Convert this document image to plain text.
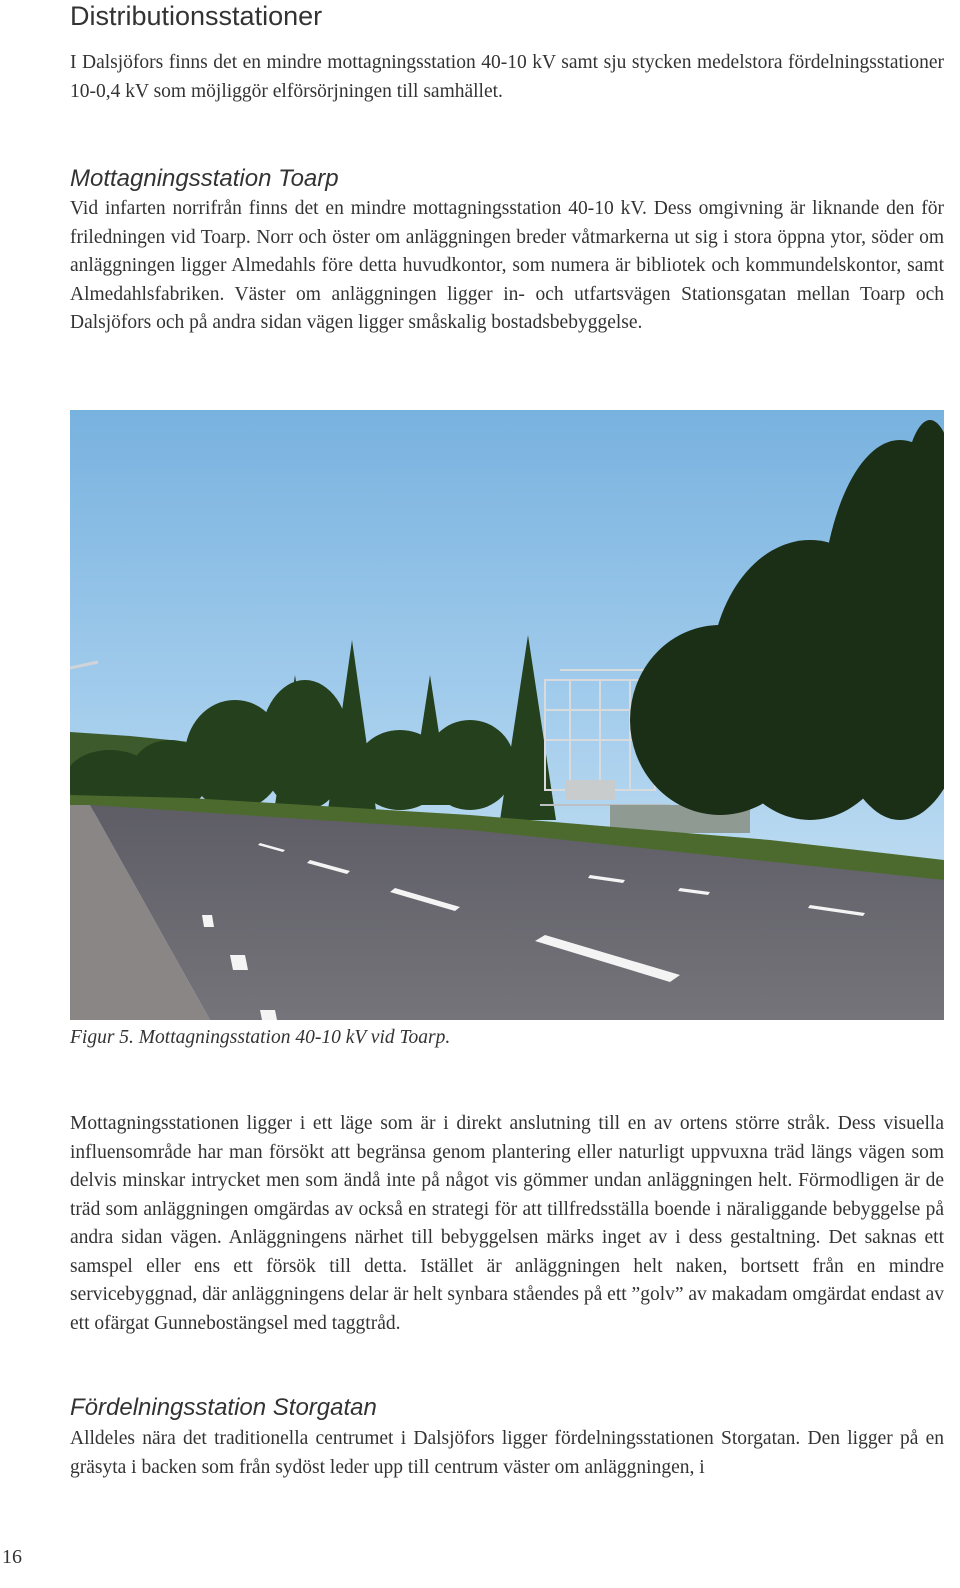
Distributionsstationer

I Dalsjöfors finns det en mindre mottagningsstation 40-10 kV samt sju stycken medelstora fördelningsstationer 10-0,4 kV som möjliggör elförsörjningen till samhället.

Mottagningsstation Toarp

Vid infarten norrifrån finns det en mindre mottagningsstation 40-10 kV. Dess omgivning är liknande den för friledningen vid Toarp. Norr och öster om anläggningen breder våtmarkerna ut sig i stora öppna ytor, söder om anläggningen ligger Almedahls före detta huvudkontor, som numera är bibliotek och kommundelskontor, samt Almedahlsfabriken. Väster om anläggningen ligger in- och utfartsvägen Stationsgatan mellan Toarp och Dalsjöfors och på andra sidan vägen ligger småskalig bostadsbebyggelse.

Figur 5. Mottagningsstation 40-10 kV vid Toarp.

Mottagningsstationen ligger i ett läge som är i direkt anslutning till en av ortens större stråk. Dess visuella influensområde har man försökt att begränsa genom plantering eller naturligt uppvuxna träd längs vägen som delvis minskar intrycket men som ändå inte på något vis gömmer undan anläggningen helt. Förmodligen är de träd som anläggningen omgärdas av också en strategi för att tillfredsställa boende i näraliggande bebyggelse på andra sidan vägen. Anläggningens närhet till bebyggelsen märks inget av i dess gestaltning. Det saknas ett samspel eller ens ett försök till detta. Istället är anläggningen helt naken, bortsett från en mindre servicebyggnad, där anläggningens delar är helt synbara ståendes på ett ”golv” av makadam omgärdat endast av ett ofärgat Gunnebostängsel med taggtråd.

Fördelningsstation Storgatan

Alldeles nära det traditionella centrumet i Dalsjöfors ligger fördelningsstationen Storgatan. Den ligger på en gräsyta i backen som från sydöst leder upp till centrum väster om anläggningen, i

16
